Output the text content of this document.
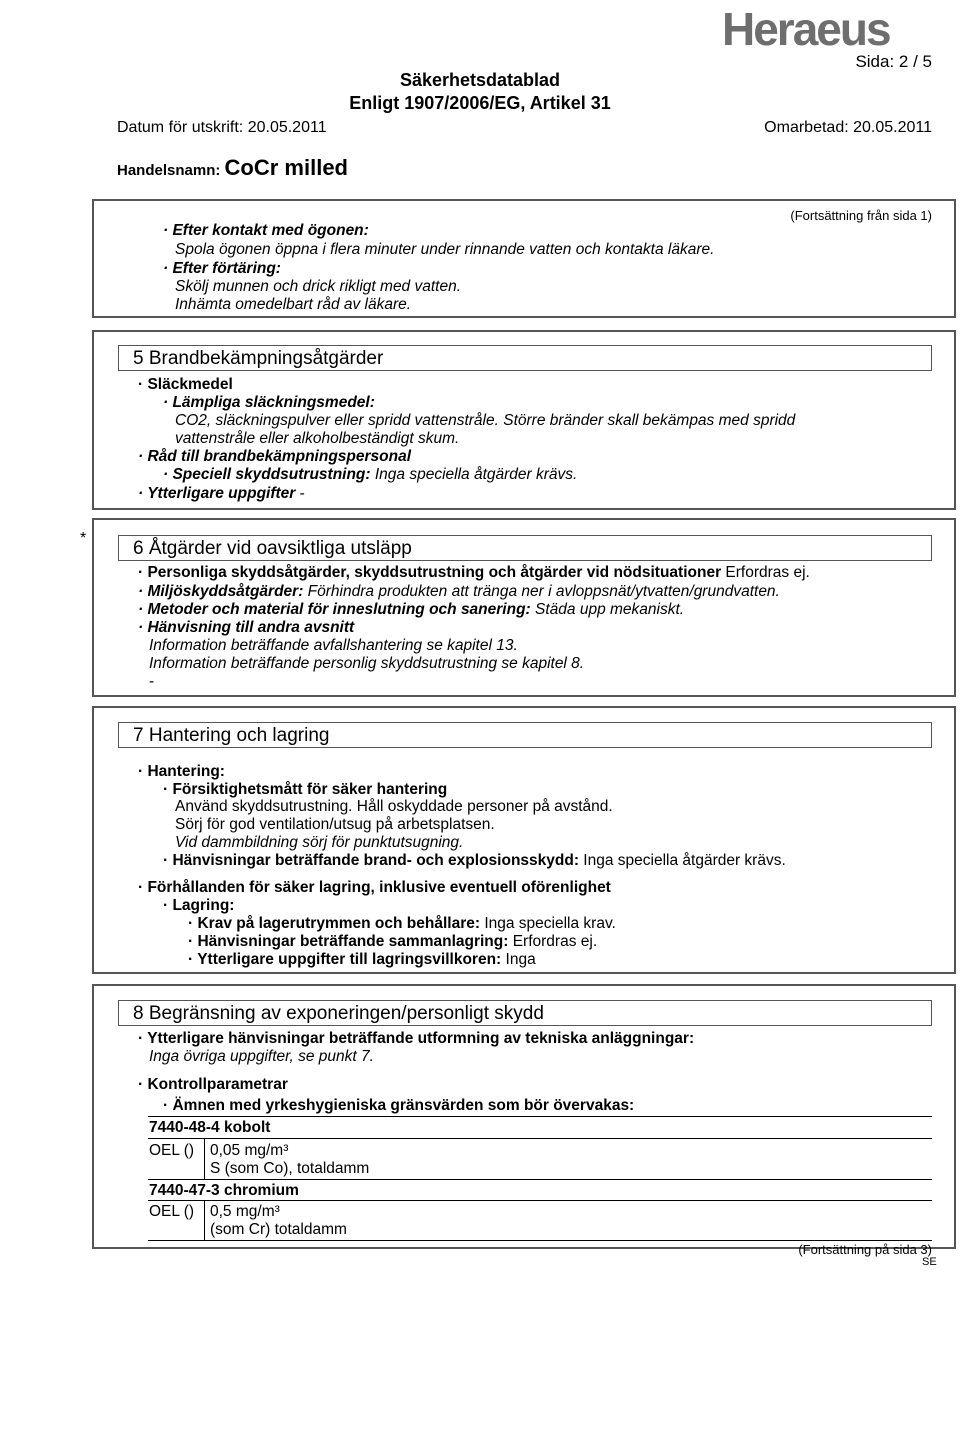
Heraeus
Sida: 2 / 5
Säkerhetsdatablad
Enligt 1907/2006/EG, Artikel 31
Datum för utskrift: 20.05.2011	Omarbetad: 20.05.2011
Handelsnamn: CoCr milled
(Fortsättning från sida 1)
· Efter kontakt med ögonen:
Spola ögonen öppna i flera minuter under rinnande vatten och kontakta läkare.
· Efter förtäring:
Skölj munnen och drick rikligt med vatten.
Inhämta omedelbart råd av läkare.
5 Brandbekämpningsåtgärder
· Släckmedel
· Lämpliga släckningsmedel:
CO2, släckningspulver eller spridd vattenstråle. Större bränder skall bekämpas med spridd
vattenstråle eller alkoholbeständigt skum.
· Råd till brandbekämpningspersonal
· Speciell skyddsutrustning: Inga speciella åtgärder krävs.
· Ytterligare uppgifter -
*	6 Åtgärder vid oavsiktliga utsläpp
· Personliga skyddsåtgärder, skyddsutrustning och åtgärder vid nödsituationer Erfordras ej.
· Miljöskyddsåtgärder: Förhindra produkten att tränga ner i avloppsnät/ytvatten/grundvatten.
· Metoder och material för inneslutning och sanering: Städa upp mekaniskt.
· Hänvisning till andra avsnitt
Information beträffande avfallshantering se kapitel 13.
Information beträffande personlig skyddsutrustning se kapitel 8.
-
7 Hantering och lagring
· Hantering:
· Försiktighetsmått för säker hantering
Använd skyddsutrustning. Håll oskyddade personer på avstånd.
Sörj för god ventilation/utsug på arbetsplatsen.
Vid dammbildning sörj för punktutsugning.
· Hänvisningar beträffande brand- och explosionsskydd: Inga speciella åtgärder krävs.
· Förhållanden för säker lagring, inklusive eventuell oförenlighet
· Lagring:
· Krav på lagerutrymmen och behållare: Inga speciella krav.
· Hänvisningar beträffande sammanlagring: Erfordras ej.
· Ytterligare uppgifter till lagringsvillkoren: Inga
8 Begränsning av exponeringen/personligt skydd
· Ytterligare hänvisningar beträffande utformning av tekniska anläggningar:
Inga övriga uppgifter, se punkt 7.
· Kontrollparametrar
· Ämnen med yrkeshygieniska gränsvärden som bör övervakas:
7440-48-4 kobolt
OEL () 0,05 mg/m³
S (som Co), totaldamm
7440-47-3 chromium
OEL () 0,5 mg/m³
(som Cr) totaldamm
(Fortsättning på sida 3)
SE
